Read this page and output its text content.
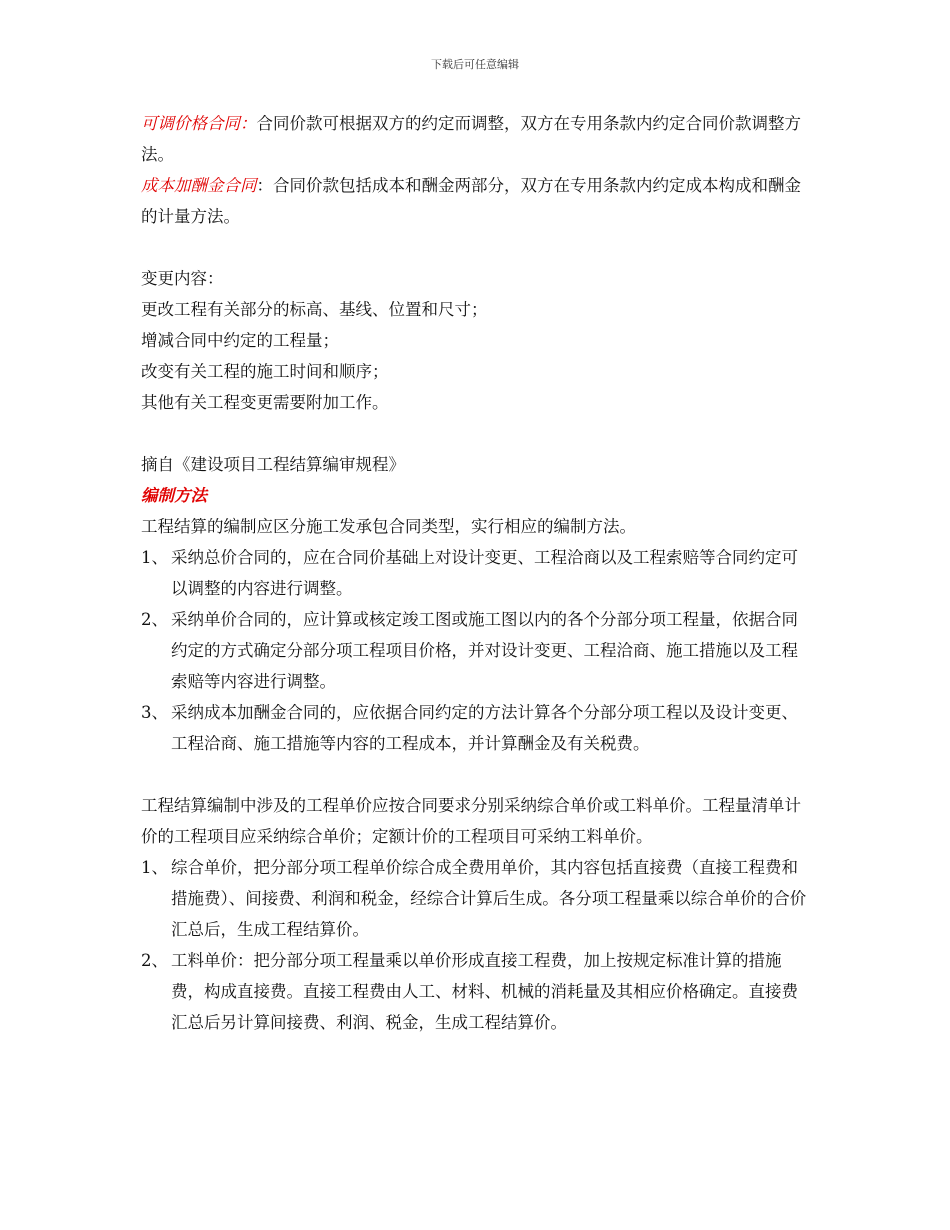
下载后可任意编辑

可调价格合同：合同价款可根据双方的约定而调整，双方在专用条款内约定合同价款调整方法。

成本加酬金合同：合同价款包括成本和酬金两部分，双方在专用条款内约定成本构成和酬金的计量方法。

变更内容：

更改工程有关部分的标高、基线、位置和尺寸；

增减合同中约定的工程量；

改变有关工程的施工时间和顺序；

其他有关工程变更需要附加工作。

摘自《建设项目工程结算编审规程》

编制方法

工程结算的编制应区分施工发承包合同类型，实行相应的编制方法。

1、 采纳总价合同的，应在合同价基础上对设计变更、工程洽商以及工程索赔等合同约定可以调整的内容进行调整。
2、 采纳单价合同的，应计算或核定竣工图或施工图以内的各个分部分项工程量，依据合同约定的方式确定分部分项工程项目价格，并对设计变更、工程洽商、施工措施以及工程索赔等内容进行调整。
3、 采纳成本加酬金合同的，应依据合同约定的方法计算各个分部分项工程以及设计变更、工程洽商、施工措施等内容的工程成本，并计算酬金及有关税费。

工程结算编制中涉及的工程单价应按合同要求分别采纳综合单价或工料单价。工程量清单计价的工程项目应采纳综合单价；定额计价的工程项目可采纳工料单价。

1、 综合单价，把分部分项工程单价综合成全费用单价，其内容包括直接费（直接工程费和措施费）、间接费、利润和税金，经综合计算后生成。各分项工程量乘以综合单价的合价汇总后，生成工程结算价。
2、 工料单价：把分部分项工程量乘以单价形成直接工程费，加上按规定标准计算的措施费，构成直接费。直接工程费由人工、材料、机械的消耗量及其相应价格确定。直接费汇总后另计算间接费、利润、税金，生成工程结算价。
